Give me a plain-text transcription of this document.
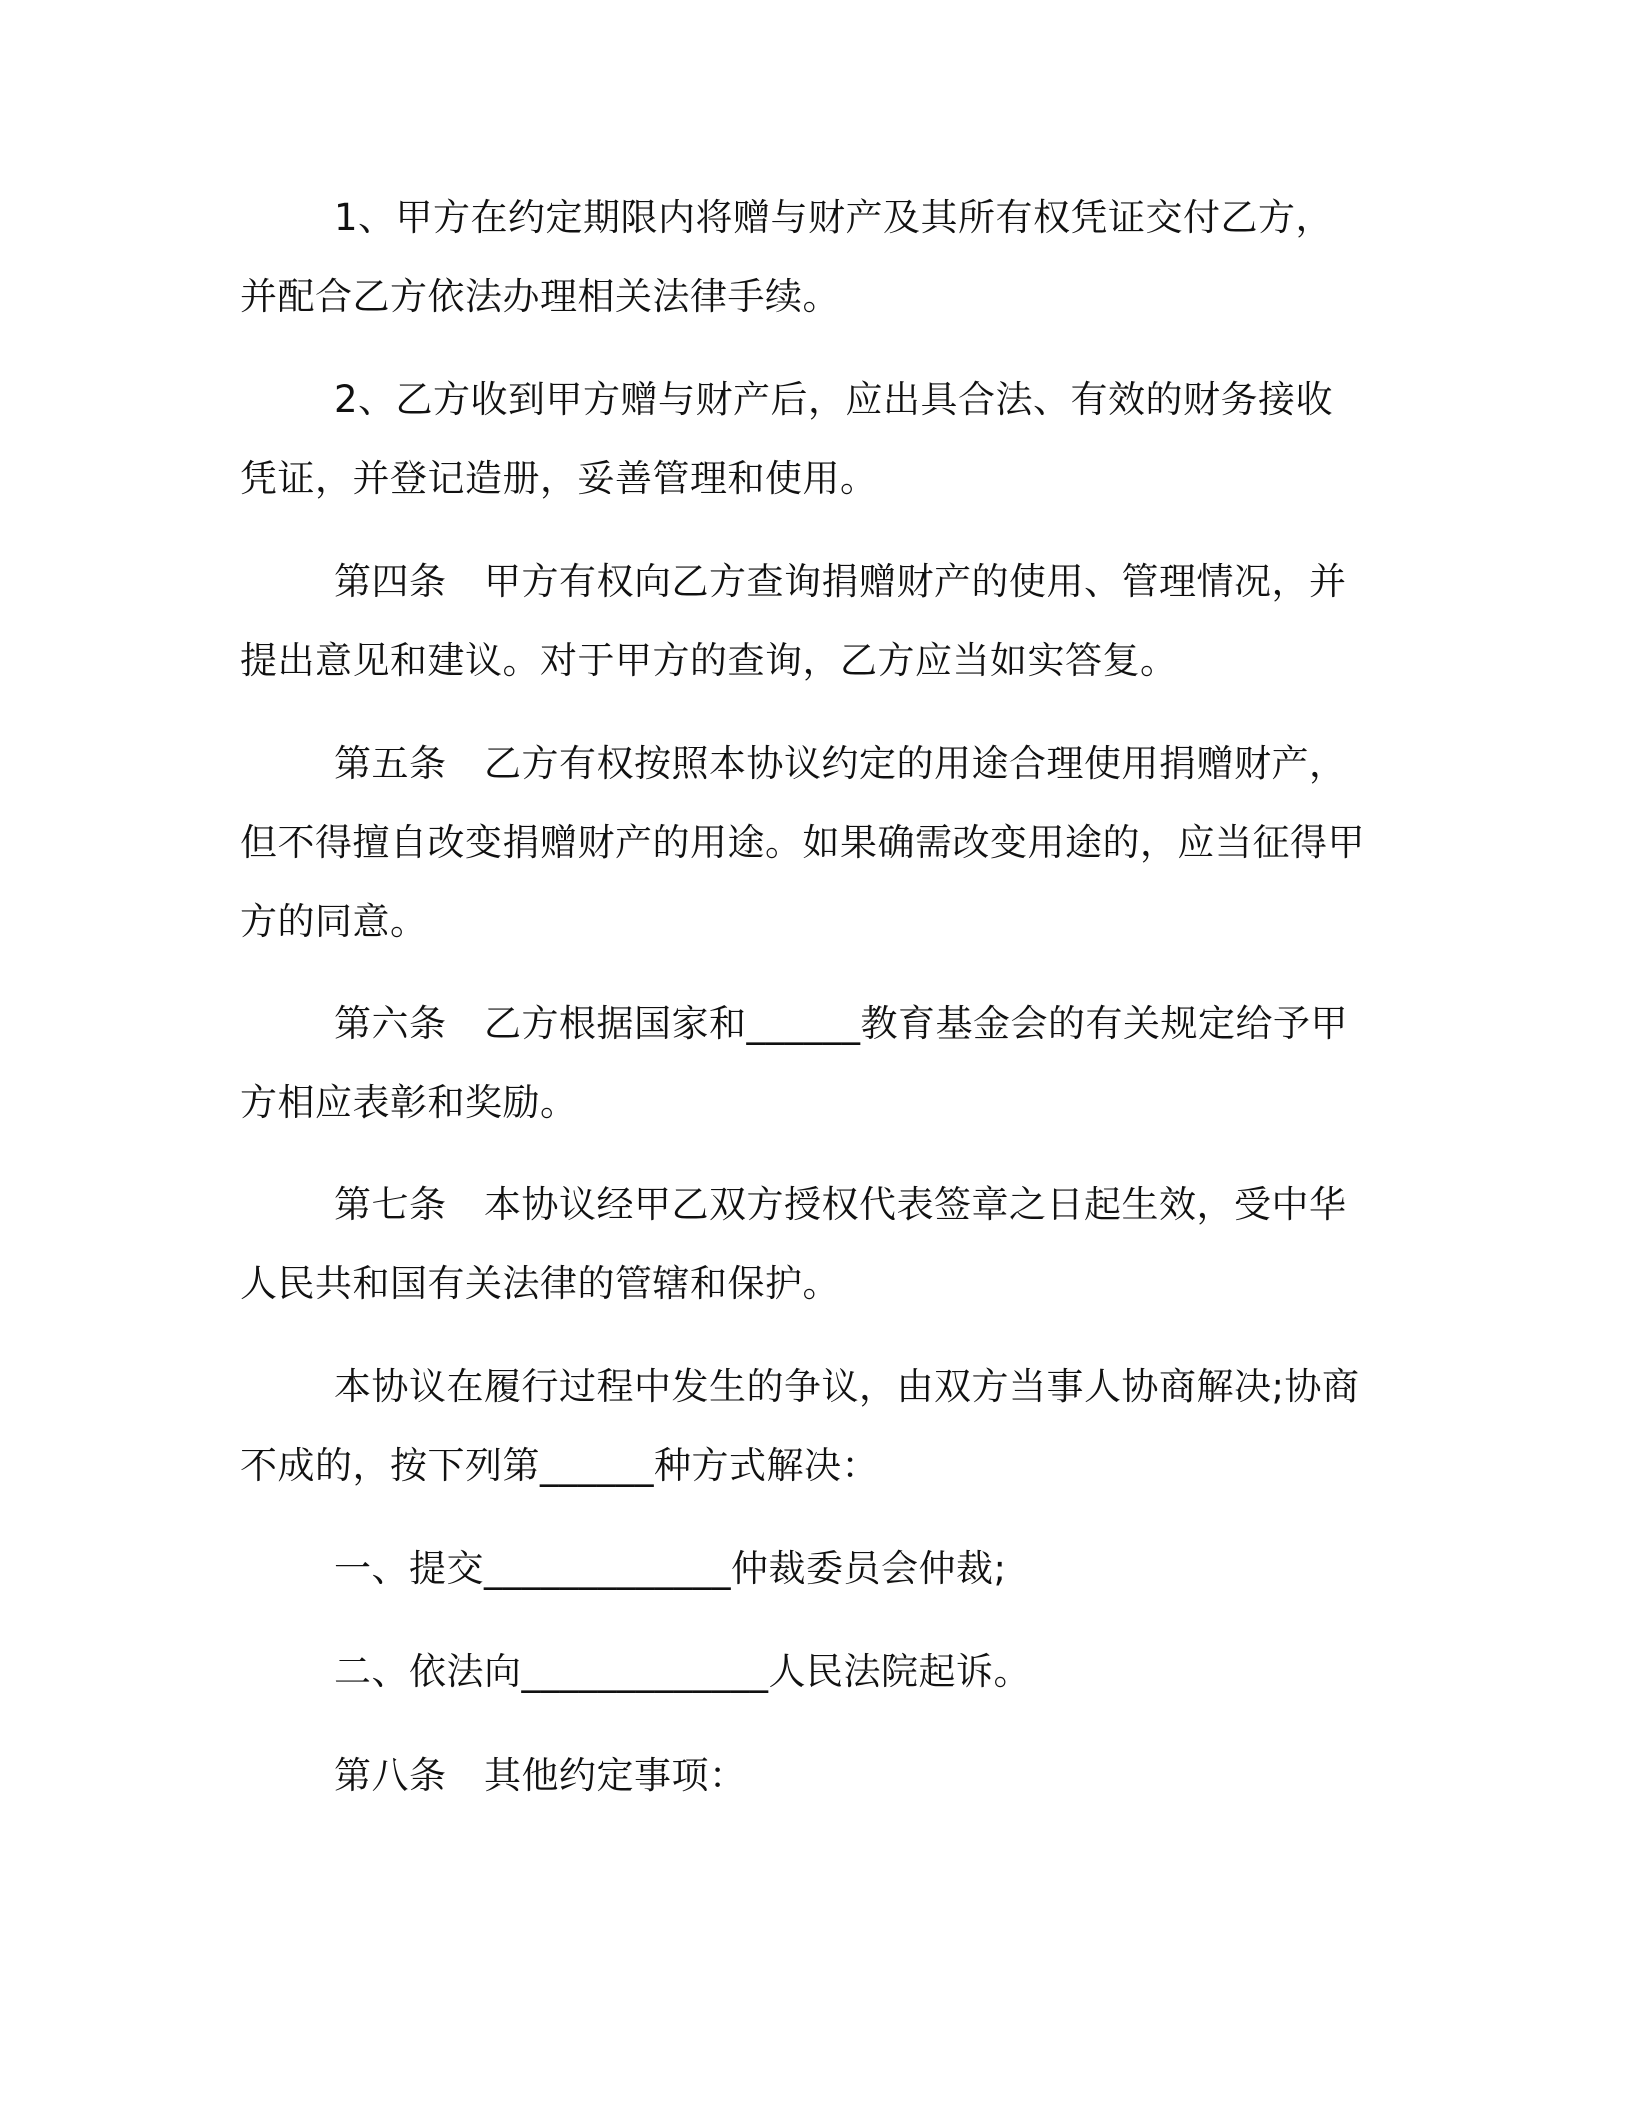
1、甲方在约定期限内将赠与财产及其所有权凭证交付乙方，并配合乙方依法办理相关法律手续。

2、乙方收到甲方赠与财产后，应出具合法、有效的财务接收凭证，并登记造册，妥善管理和使用。

第四条　甲方有权向乙方查询捐赠财产的使用、管理情况，并提出意见和建议。对于甲方的查询，乙方应当如实答复。

第五条　乙方有权按照本协议约定的用途合理使用捐赠财产，但不得擅自改变捐赠财产的用途。如果确需改变用途的，应当征得甲方的同意。

第六条　乙方根据国家和______教育基金会的有关规定给予甲方相应表彰和奖励。

第七条　本协议经甲乙双方授权代表签章之日起生效，受中华人民共和国有关法律的管辖和保护。

本协议在履行过程中发生的争议，由双方当事人协商解决;协商不成的，按下列第______种方式解决：

一、提交_____________仲裁委员会仲裁;

二、依法向_____________人民法院起诉。

第八条　其他约定事项：
